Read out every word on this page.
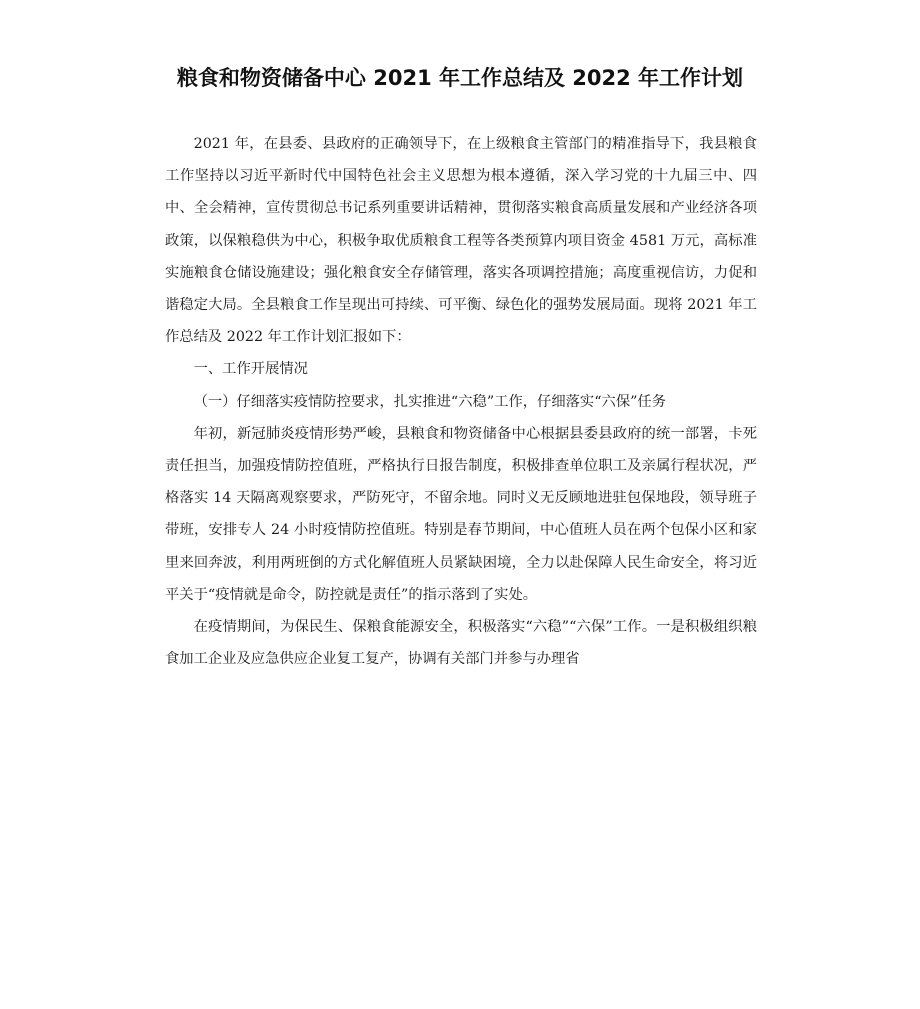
粮食和物资储备中心 2021 年工作总结及 2022 年工作计划

2021 年，在县委、县政府的正确领导下，在上级粮食主管部门的精准指导下，我县粮食工作坚持以习近平新时代中国特色社会主义思想为根本遵循，深入学习党的十九届三中、四中、全会精神，宣传贯彻总书记系列重要讲话精神，贯彻落实粮食高质量发展和产业经济各项政策，以保粮稳供为中心，积极争取优质粮食工程等各类预算内项目资金 4581 万元，高标准实施粮食仓储设施建设；强化粮食安全存储管理，落实各项调控措施；高度重视信访，力促和谐稳定大局。全县粮食工作呈现出可持续、可平衡、绿色化的强势发展局面。现将 2021 年工作总结及 2022 年工作计划汇报如下：

一、工作开展情况

（一）仔细落实疫情防控要求，扎实推进“六稳”工作，仔细落实“六保”任务

年初，新冠肺炎疫情形势严峻，县粮食和物资储备中心根据县委县政府的统一部署，卡死责任担当，加强疫情防控值班，严格执行日报告制度，积极排查单位职工及亲属行程状况，严格落实 14 天隔离观察要求，严防死守，不留余地。同时义无反顾地进驻包保地段，领导班子带班，安排专人 24 小时疫情防控值班。特别是春节期间，中心值班人员在两个包保小区和家里来回奔波，利用两班倒的方式化解值班人员紧缺困境，全力以赴保障人民生命安全，将习近平关于“疫情就是命令，防控就是责任”的指示落到了实处。

在疫情期间，为保民生、保粮食能源安全，积极落实“六稳”“六保”工作。一是积极组织粮食加工企业及应急供应企业复工复产，协调有关部门并参与办理省
